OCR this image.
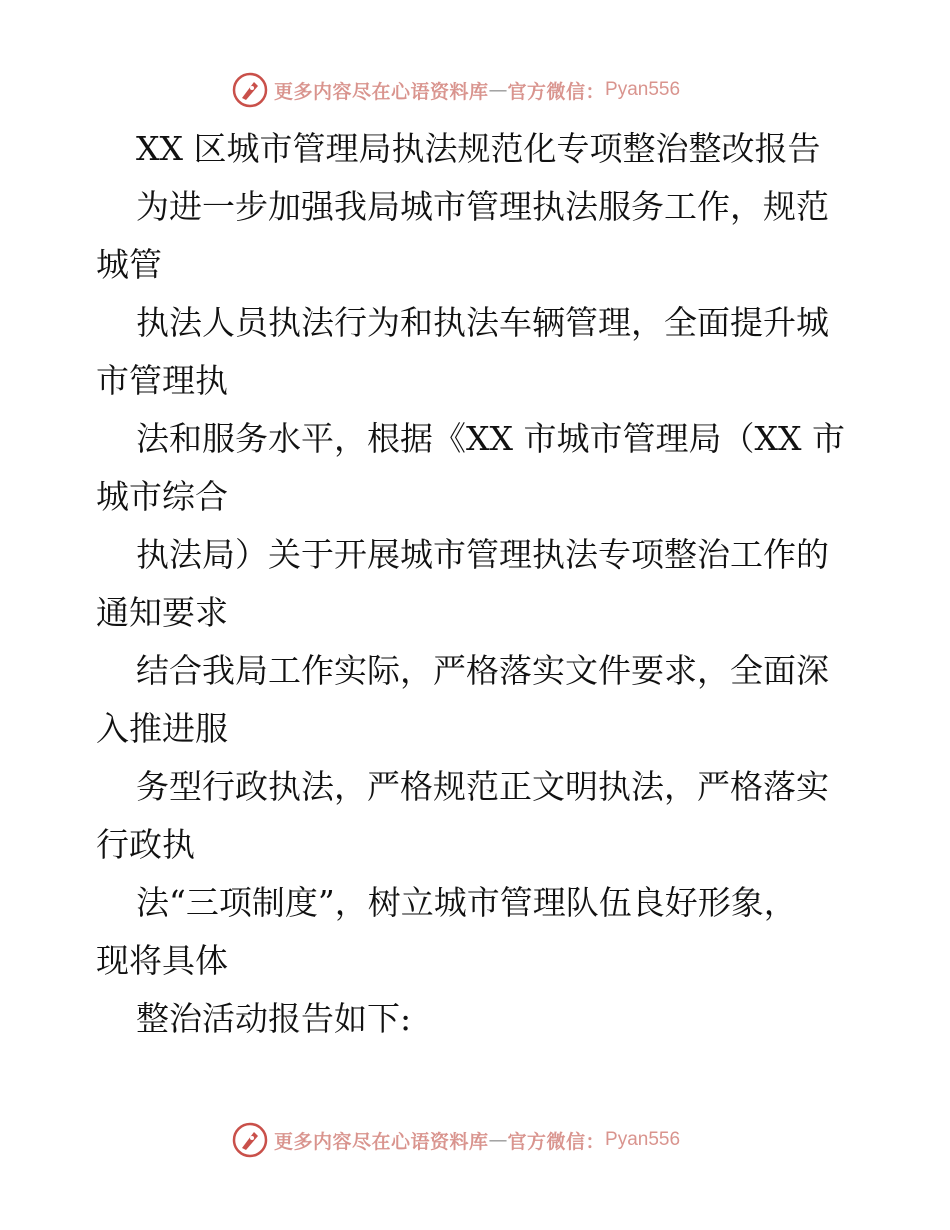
更多内容尽在心语资料库 — 官方微信： Pyan556
XX 区城市管理局执法规范化专项整治整改报告
为进一步加强我局城市管理执法服务工作，规范
城管
执法人员执法行为和执法车辆管理，全面提升城
市管理执
法和服务水平，根据《XX 市城市管理局（XX 市
城市综合
执法局）关于开展城市管理执法专项整治工作的
通知要求
结合我局工作实际，严格落实文件要求，全面深
入推进服
务型行政执法，严格规范正文明执法，严格落实
行政执
法“三项制度”，树立城市管理队伍良好形象，
现将具体
整治活动报告如下:
更多内容尽在心语资料库 — 官方微信： Pyan556
